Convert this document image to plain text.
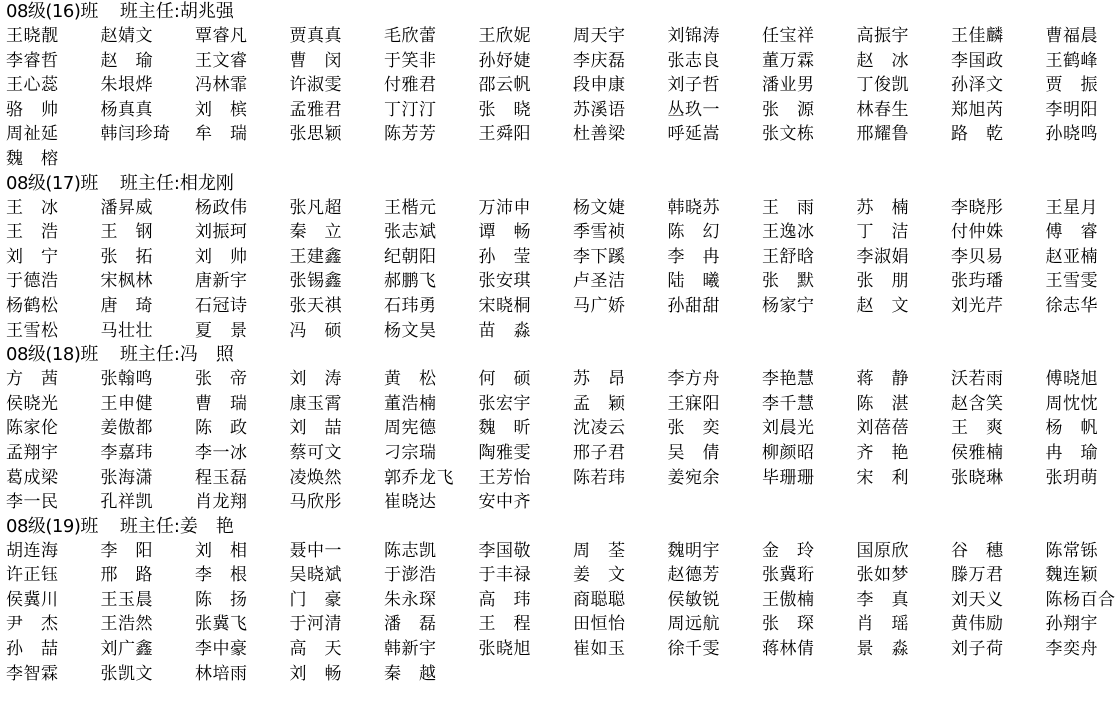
08级(16)班 班主任:胡兆强
王晓靓	赵婧文	覃睿凡	贾真真	毛欣蕾	王欣妮	周天宇	刘锦涛	任宝祥	高振宇	王佳麟	曹福晨
李睿哲	赵　瑜	王文睿	曹　闵	于笑非	孙妤婕	李庆磊	张志良	董万霖	赵　冰	李国政	王鹤峰
王心蕊	朱垠烨	冯林霏	许淑雯	付雅君	邵云帆	段申康	刘子哲	潘业男	丁俊凯	孙泽文	贾　振
骆　帅	杨真真	刘　槟	孟雅君	丁汀汀	张　晓	苏溪语	丛玖一	张　源	林春生	郑旭芮	李明阳
周祉延	韩闫珍琦	牟　瑞	张思颖	陈芳芳	王舜阳	杜善梁	呼延嵩	张文栋	邢耀鲁	路　乾	孙晓鸣
魏　榕
08级(17)班 班主任:相龙刚
王　冰	潘昇威	杨政伟	张凡超	王楷元	万沛申	杨文婕	韩晓苏	王　雨	苏　楠	李晓彤	王星月
王　浩	王　钢	刘振珂	秦　立	张志斌	谭　畅	季雪祯	陈　幻	王逸冰	丁　洁	付仲姝	傅　睿
刘　宁	张　拓	刘　帅	王建鑫	纪朝阳	孙　莹	李下蹊	李　冉	王舒晗	李淑娟	李贝易	赵亚楠
于德浩	宋枫林	唐新宇	张锡鑫	郝鹏飞	张安琪	卢圣洁	陆　曦	张　默	张　朋	张玙璠	王雪雯
杨鹤松	唐　琦	石冠诗	张天祺	石玮勇	宋晓桐	马广娇	孙甜甜	杨家宁	赵　文	刘光芹	徐志华
王雪松	马壮壮	夏　景	冯　硕	杨文昊	苗　淼
08级(18)班 班主任:冯　照
方　茜	张翰鸣	张　帝	刘　涛	黄　松	何　硕	苏　昂	李方舟	李艳慧	蒋　静	沃若雨	傅晓旭
侯晓光	王申健	曹　瑞	康玉霄	董浩楠	张宏宇	孟　颖	王寐阳	李千慧	陈　湛	赵含笑	周忱忱
陈家伦	姜傲都	陈　政	刘　喆	周宪德	魏　昕	沈凌云	张　奕	刘晨光	刘蓓蓓	王　爽	杨　帆
孟翔宇	李嘉玮	李一冰	蔡可文	刁宗瑞	陶雅雯	邢子君	吴　倩	柳颜昭	齐　艳	侯雅楠	冉　瑜
葛成梁	张海潇	程玉磊	凌焕然	郭乔龙飞	王芳怡	陈若玮	姜宛余	毕珊珊	宋　利	张晓琳	张玥萌
李一民	孔祥凯	肖龙翔	马欣彤	崔晓达	安中齐
08级(19)班 班主任:姜　艳
胡连海	李　阳	刘　相	聂中一	陈志凯	李国敬	周　荃	魏明宇	金　玲	国原欣	谷　穗	陈常铄
许正钰	邢　路	李　根	吴晓斌	于澎浩	于丰禄	姜　文	赵德芳	张冀珩	张如梦	滕万君	魏连颖
侯冀川	王玉晨	陈　扬	门　豪	朱永琛	高　玮	商聪聪	侯敏锐	王傲楠	李　真	刘天义	陈杨百合
尹　杰	王浩然	张冀飞	于河清	潘　磊	王　程	田恒怡	周远航	张　琛	肖　瑶	黄伟励	孙翔宇
孙　喆	刘广鑫	李中豪	高　天	韩新宇	张晓旭	崔如玉	徐千雯	蒋林倩	景　淼	刘子荷	李奕舟
李智霖	张凯文	林培雨	刘　畅	秦　越
